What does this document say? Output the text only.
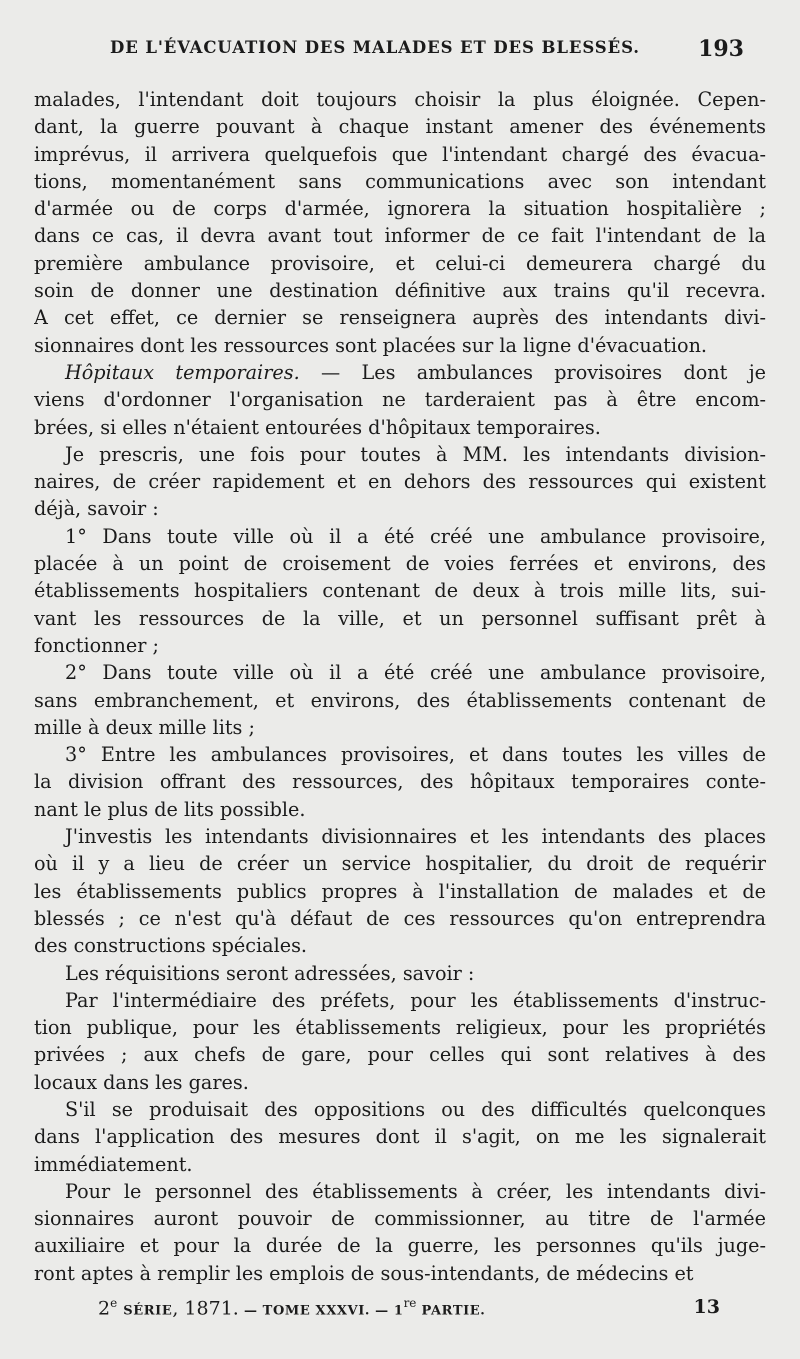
DE L'ÉVACUATION DES MALADES ET DES BLESSÉS.	193
malades, l'intendant doit toujours choisir la plus éloignée. Cepen-
dant, la guerre pouvant à chaque instant amener des événements
imprévus, il arrivera quelquefois que l'intendant chargé des évacua-
tions, momentanément sans communications avec son intendant
d'armée ou de corps d'armée, ignorera la situation hospitalière ;
dans ce cas, il devra avant tout informer de ce fait l'intendant de la
première ambulance provisoire, et celui-ci demeurera chargé du
soin de donner une destination définitive aux trains qu'il recevra.
A cet effet, ce dernier se renseignera auprès des intendants divi-
sionnaires dont les ressources sont placées sur la ligne d'évacuation.
Hôpitaux temporaires. — Les ambulances provisoires dont je
viens d'ordonner l'organisation ne tarderaient pas à être encom-
brées, si elles n'étaient entourées d'hôpitaux temporaires.
Je prescris, une fois pour toutes à MM. les intendants division-
naires, de créer rapidement et en dehors des ressources qui existent
déjà, savoir :
1° Dans toute ville où il a été créé une ambulance provisoire,
placée à un point de croisement de voies ferrées et environs, des
établissements hospitaliers contenant de deux à trois mille lits, sui-
vant les ressources de la ville, et un personnel suffisant prêt à
fonctionner ;
2° Dans toute ville où il a été créé une ambulance provisoire,
sans embranchement, et environs, des établissements contenant de
mille à deux mille lits ;
3° Entre les ambulances provisoires, et dans toutes les villes de
la division offrant des ressources, des hôpitaux temporaires conte-
nant le plus de lits possible.
J'investis les intendants divisionnaires et les intendants des places
où il y a lieu de créer un service hospitalier, du droit de requérir
les établissements publics propres à l'installation de malades et de
blessés ; ce n'est qu'à défaut de ces ressources qu'on entreprendra
des constructions spéciales.
Les réquisitions seront adressées, savoir :
Par l'intermédiaire des préfets, pour les établissements d'instruc-
tion publique, pour les établissements religieux, pour les propriétés
privées ; aux chefs de gare, pour celles qui sont relatives à des
locaux dans les gares.
S'il se produisait des oppositions ou des difficultés quelconques
dans l'application des mesures dont il s'agit, on me les signalerait
immédiatement.
Pour le personnel des établissements à créer, les intendants divi-
sionnaires auront pouvoir de commissionner, au titre de l'armée
auxiliaire et pour la durée de la guerre, les personnes qu'ils juge-
ront aptes à remplir les emplois de sous-intendants, de médecins et
2e SÉRIE, 1871. — TOME XXXVI. — 1re PARTIE.	13
